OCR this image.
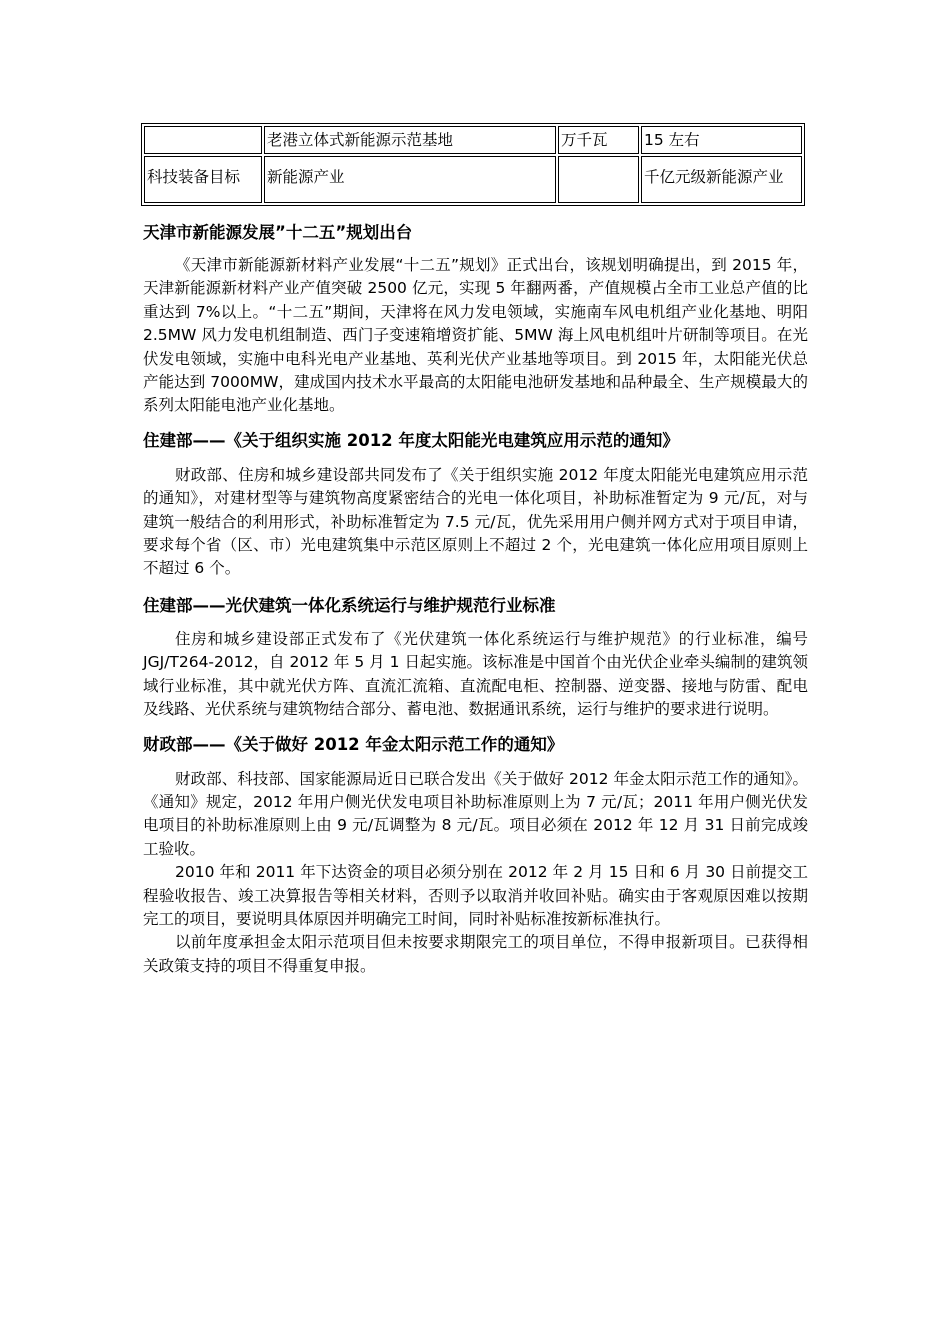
	老港立体式新能源示范基地	万千瓦	15 左右
科技装备目标	新能源产业		千亿元级新能源产业
天津市新能源发展”十二五”规划出台

《天津市新能源新材料产业发展“十二五”规划》正式出台，该规划明确提出，到 2015 年，天津新能源新材料产业产值突破 2500 亿元，实现 5 年翻两番，产值规模占全市工业总产值的比重达到 7%以上。“十二五”期间，天津将在风力发电领域，实施南车风电机组产业化基地、明阳 2.5MW 风力发电机组制造、西门子变速箱增资扩能、5MW 海上风电机组叶片研制等项目。在光伏发电领域，实施中电科光电产业基地、英利光伏产业基地等项目。到 2015 年，太阳能光伏总产能达到 7000MW，建成国内技术水平最高的太阳能电池研发基地和品种最全、生产规模最大的系列太阳能电池产业化基地。

住建部——《关于组织实施 2012 年度太阳能光电建筑应用示范的通知》

财政部、住房和城乡建设部共同发布了《关于组织实施 2012 年度太阳能光电建筑应用示范的通知》，对建材型等与建筑物高度紧密结合的光电一体化项目，补助标准暂定为 9 元/瓦，对与建筑一般结合的利用形式，补助标准暂定为 7.5 元/瓦，优先采用用户侧并网方式对于项目申请，要求每个省（区、市）光电建筑集中示范区原则上不超过 2 个，光电建筑一体化应用项目原则上不超过 6 个。

住建部——光伏建筑一体化系统运行与维护规范行业标准

住房和城乡建设部正式发布了《光伏建筑一体化系统运行与维护规范》的行业标准，编号 JGJ/T264-2012，自 2012 年 5 月 1 日起实施。该标准是中国首个由光伏企业牵头编制的建筑领域行业标准，其中就光伏方阵、直流汇流箱、直流配电柜、控制器、逆变器、接地与防雷、配电及线路、光伏系统与建筑物结合部分、蓄电池、数据通讯系统，运行与维护的要求进行说明。

财政部——《关于做好 2012 年金太阳示范工作的通知》

财政部、科技部、国家能源局近日已联合发出《关于做好 2012 年金太阳示范工作的通知》。《通知》规定，2012 年用户侧光伏发电项目补助标准原则上为 7 元/瓦；2011 年用户侧光伏发电项目的补助标准原则上由 9 元/瓦调整为 8 元/瓦。项目必须在 2012 年 12 月 31 日前完成竣工验收。

2010 年和 2011 年下达资金的项目必须分别在 2012 年 2 月 15 日和 6 月 30 日前提交工程验收报告、竣工决算报告等相关材料，否则予以取消并收回补贴。确实由于客观原因难以按期完工的项目，要说明具体原因并明确完工时间，同时补贴标准按新标准执行。

以前年度承担金太阳示范项目但未按要求期限完工的项目单位，不得申报新项目。已获得相关政策支持的项目不得重复申报。
